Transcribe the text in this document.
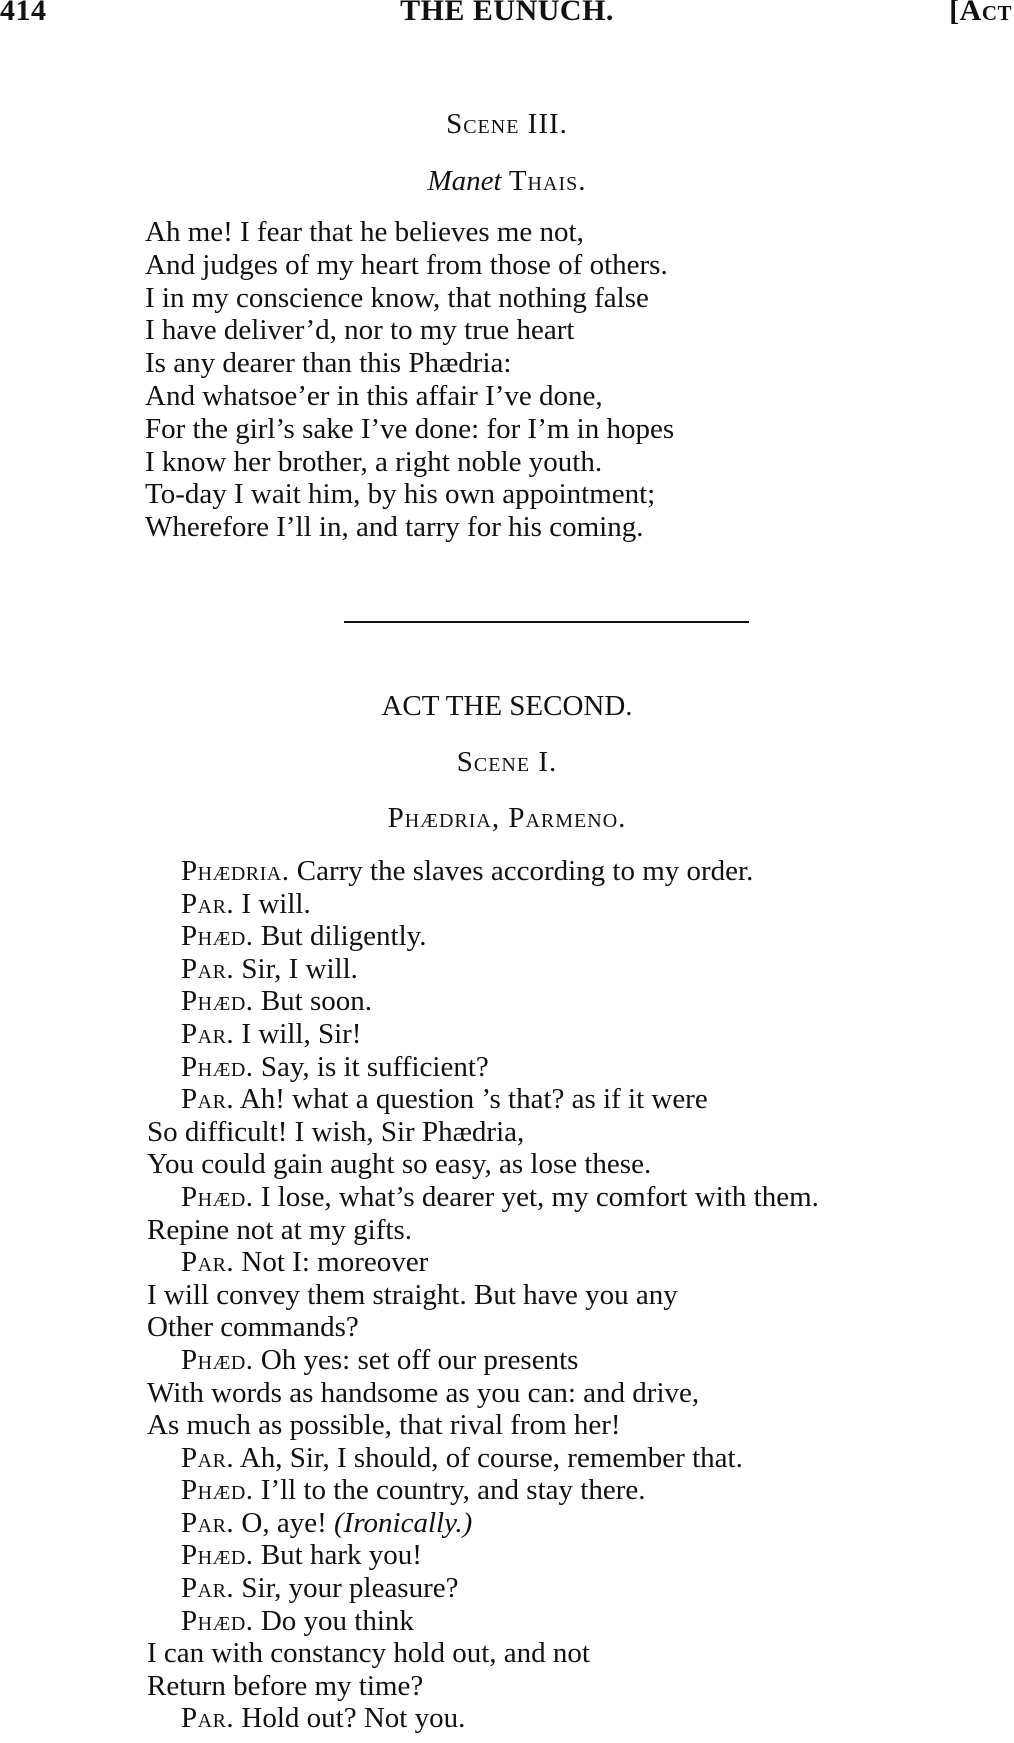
414	THE EUNUCH.	[Act
Scene III.
Manet Thais.
Ah me! I fear that he believes me not,
And judges of my heart from those of others.
I in my conscience know, that nothing false
I have deliver’d, nor to my true heart
Is any dearer than this Phædria:
And whatsoe’er in this affair I’ve done,
For the girl’s sake I’ve done: for I’m in hopes
I know her brother, a right noble youth.
To-day I wait him, by his own appointment;
Wherefore I’ll in, and tarry for his coming.
ACT THE SECOND.
Scene I.
Phædria, Parmeno.
Phædria. Carry the slaves according to my order.
Par. I will.
Phæd. But diligently.
Par. Sir, I will.
Phæd. But soon.
Par. I will, Sir!
Phæd. Say, is it sufficient?
Par. Ah! what a question ’s that? as if it were
So difficult! I wish, Sir Phædria,
You could gain aught so easy, as lose these.
Phæd. I lose, what’s dearer yet, my comfort with them.
Repine not at my gifts.
Par. Not I: moreover
I will convey them straight. But have you any
Other commands?
Phæd. Oh yes: set off our presents
With words as handsome as you can: and drive,
As much as possible, that rival from her!
Par. Ah, Sir, I should, of course, remember that.
Phæd. I’ll to the country, and stay there.
Par. O, aye! (Ironically.)
Phæd. But hark you!
Par. Sir, your pleasure?
Phæd. Do you think
I can with constancy hold out, and not
Return before my time?
Par. Hold out? Not you.
